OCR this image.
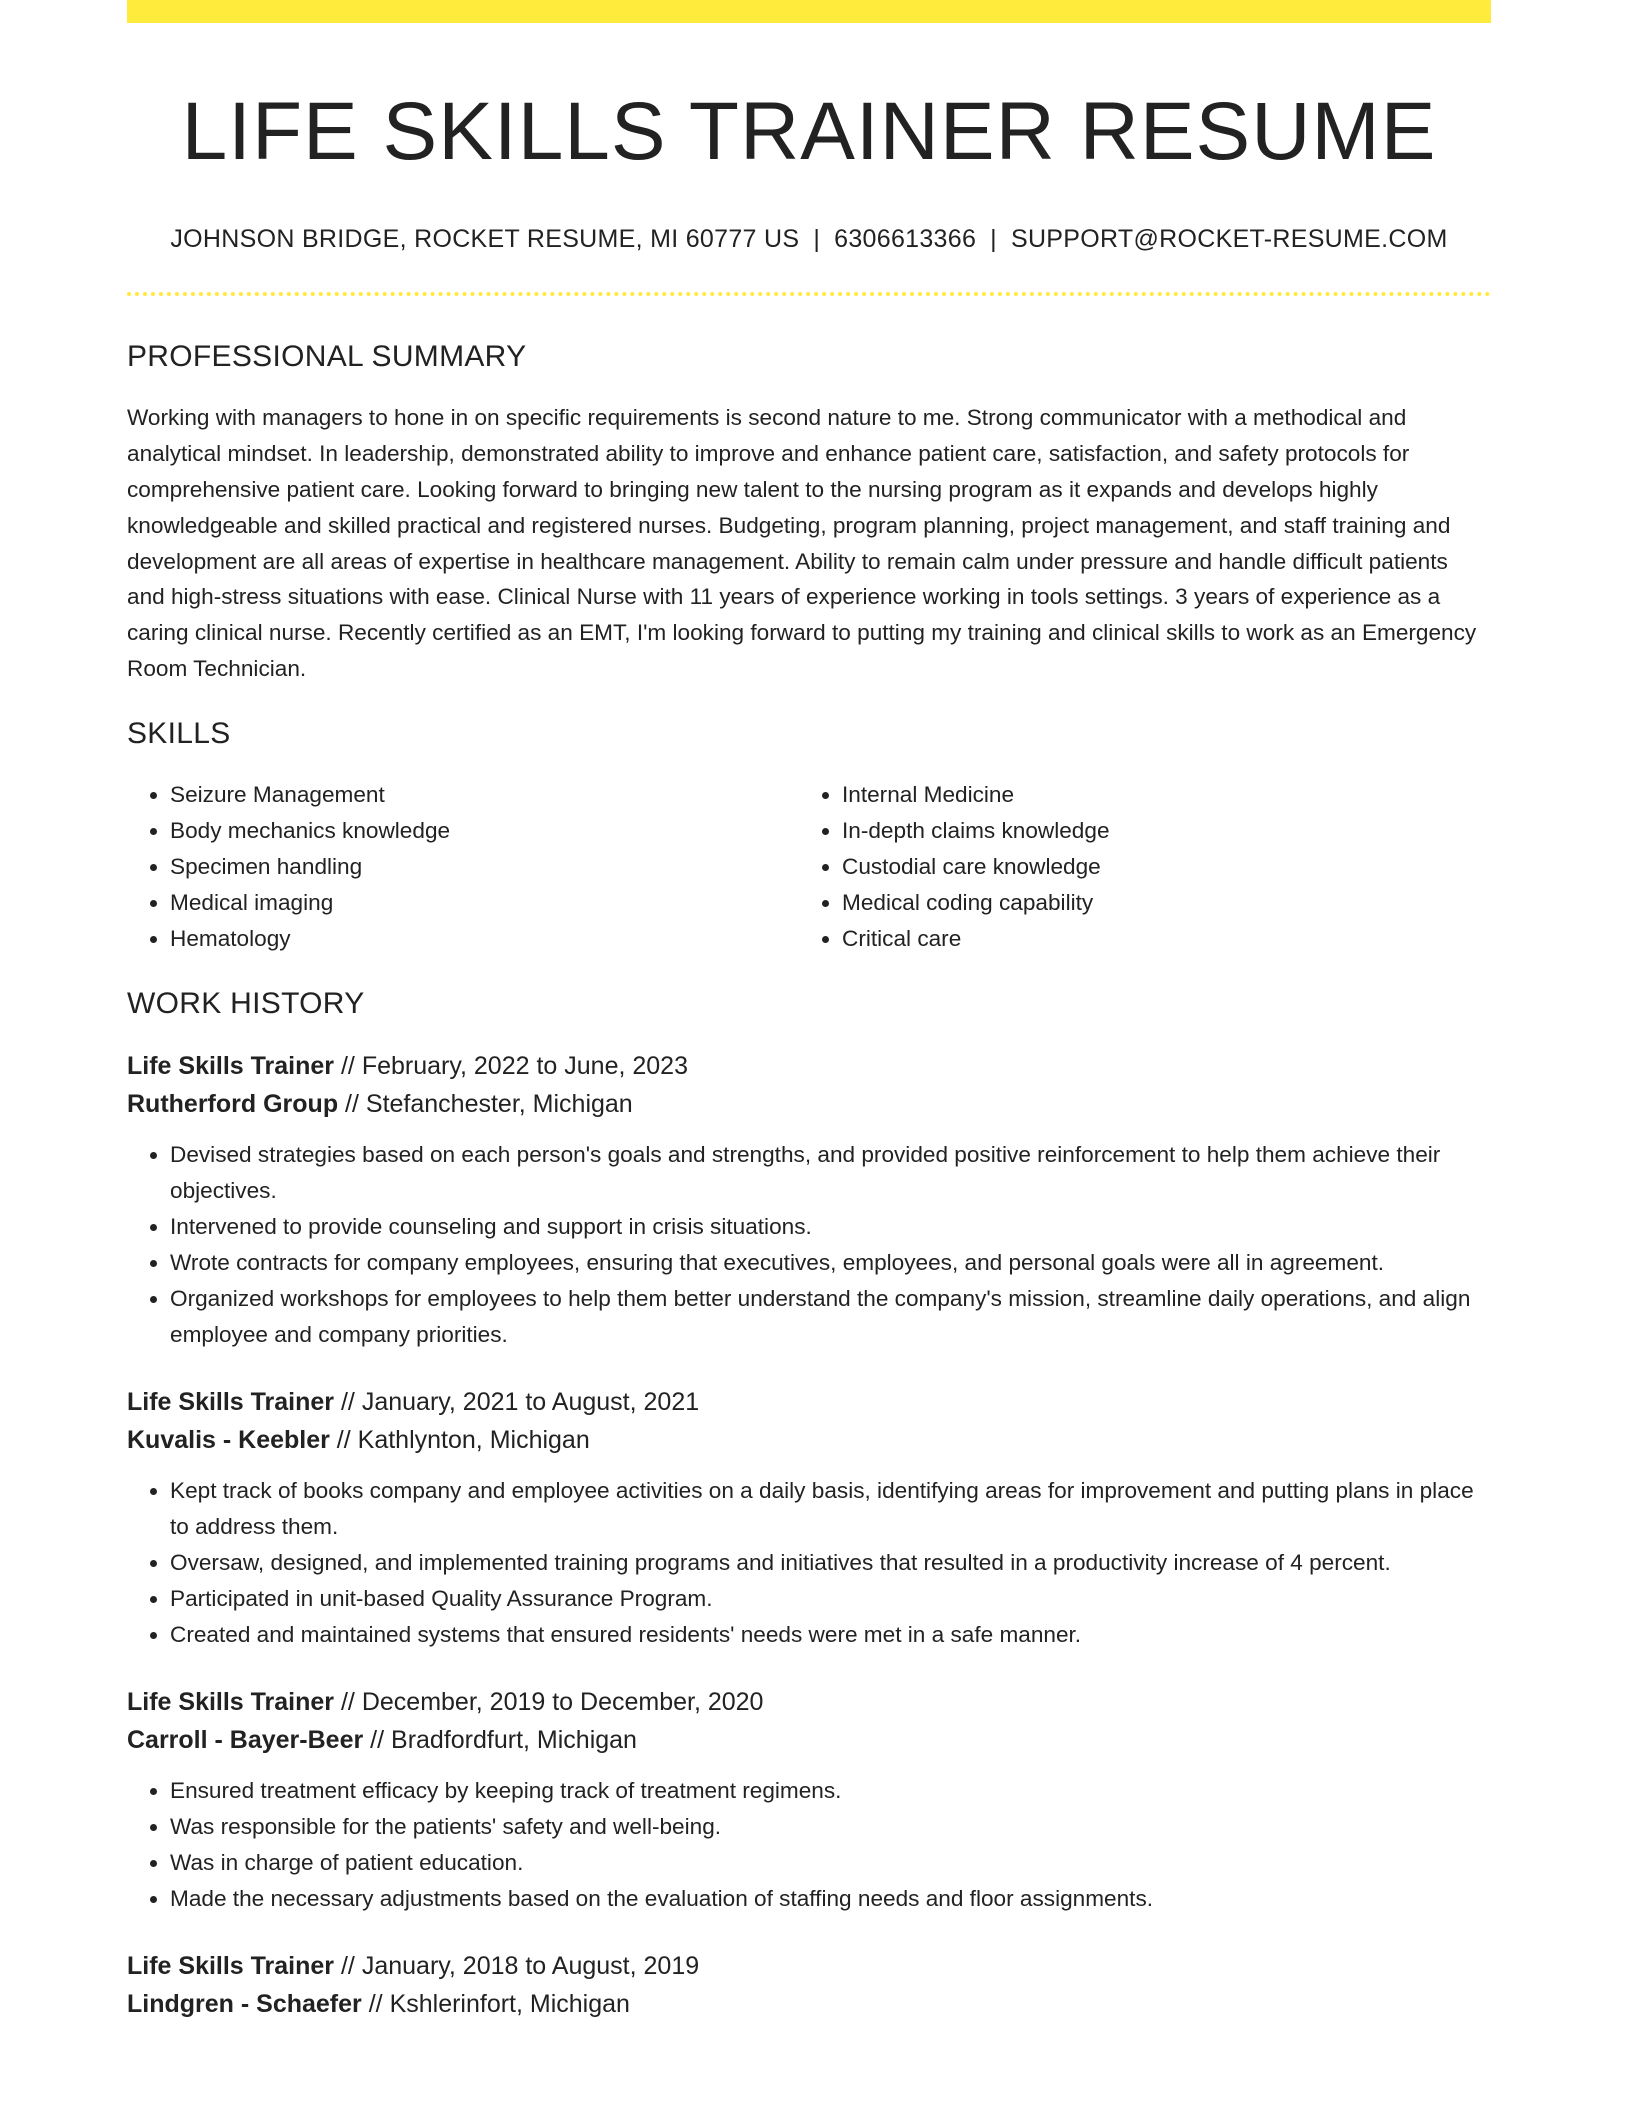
LIFE SKILLS TRAINER RESUME
JOHNSON BRIDGE, ROCKET RESUME, MI 60777 US | 6306613366 | SUPPORT@ROCKET-RESUME.COM
PROFESSIONAL SUMMARY
Working with managers to hone in on specific requirements is second nature to me. Strong communicator with a methodical and analytical mindset. In leadership, demonstrated ability to improve and enhance patient care, satisfaction, and safety protocols for comprehensive patient care. Looking forward to bringing new talent to the nursing program as it expands and develops highly knowledgeable and skilled practical and registered nurses. Budgeting, program planning, project management, and staff training and development are all areas of expertise in healthcare management. Ability to remain calm under pressure and handle difficult patients and high-stress situations with ease. Clinical Nurse with 11 years of experience working in tools settings. 3 years of experience as a caring clinical nurse. Recently certified as an EMT, I'm looking forward to putting my training and clinical skills to work as an Emergency Room Technician.
SKILLS
• Seizure Management
• Body mechanics knowledge
• Specimen handling
• Medical imaging
• Hematology
• Internal Medicine
• In-depth claims knowledge
• Custodial care knowledge
• Medical coding capability
• Critical care
WORK HISTORY
Life Skills Trainer // February, 2022 to June, 2023
Rutherford Group // Stefanchester, Michigan
• Devised strategies based on each person's goals and strengths, and provided positive reinforcement to help them achieve their objectives.
• Intervened to provide counseling and support in crisis situations.
• Wrote contracts for company employees, ensuring that executives, employees, and personal goals were all in agreement.
• Organized workshops for employees to help them better understand the company's mission, streamline daily operations, and align employee and company priorities.
Life Skills Trainer // January, 2021 to August, 2021
Kuvalis - Keebler // Kathlynton, Michigan
• Kept track of books company and employee activities on a daily basis, identifying areas for improvement and putting plans in place to address them.
• Oversaw, designed, and implemented training programs and initiatives that resulted in a productivity increase of 4 percent.
• Participated in unit-based Quality Assurance Program.
• Created and maintained systems that ensured residents' needs were met in a safe manner.
Life Skills Trainer // December, 2019 to December, 2020
Carroll - Bayer-Beer // Bradfordfurt, Michigan
• Ensured treatment efficacy by keeping track of treatment regimens.
• Was responsible for the patients' safety and well-being.
• Was in charge of patient education.
• Made the necessary adjustments based on the evaluation of staffing needs and floor assignments.
Life Skills Trainer // January, 2018 to August, 2019
Lindgren - Schaefer // Kshlerinfort, Michigan
